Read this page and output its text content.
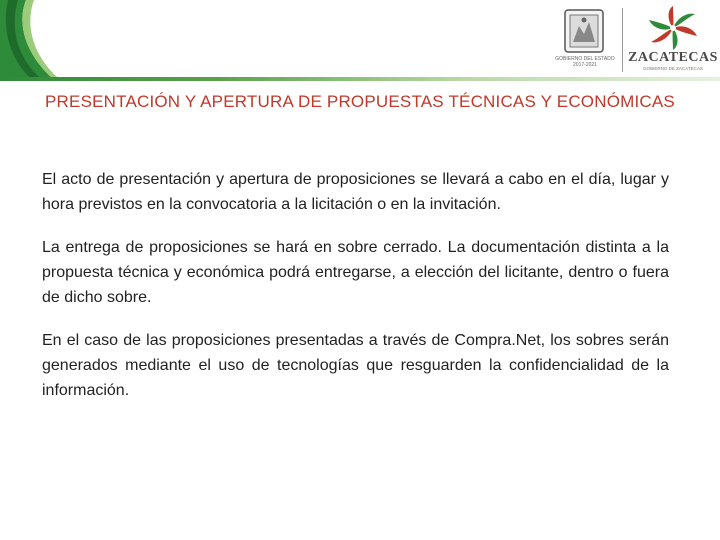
GOBIERNO DEL ESTADO 2017-2021	ZACATECAS
GOBIERNO DE ZACATECAS
PRESENTACIÓN Y APERTURA DE PROPUESTAS TÉCNICAS Y ECONÓMICAS

El acto de presentación y apertura de proposiciones se llevará a cabo en el día, lugar y hora previstos en la convocatoria a la licitación o en la invitación.

La entrega de proposiciones se hará en sobre cerrado. La documentación distinta a la propuesta técnica y económica podrá entregarse, a elección del licitante, dentro o fuera de dicho sobre.

En el caso de las proposiciones presentadas a través de Compra.Net, los sobres serán generados mediante el uso de tecnologías que resguarden la confidencialidad de la información.
